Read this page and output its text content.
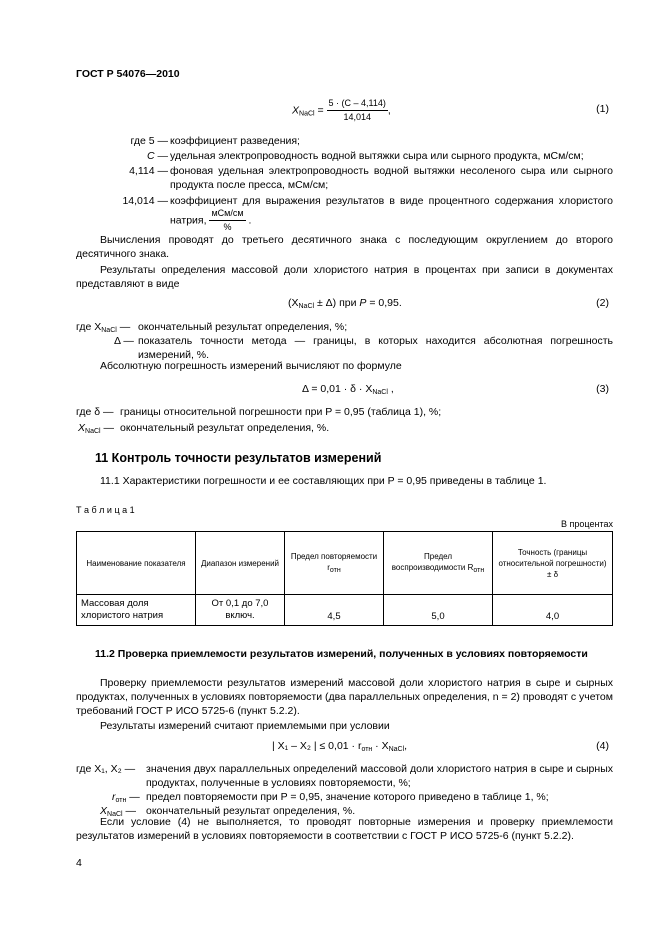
ГОСТ Р 54076—2010
$X_{NaCl} = \frac{5 \cdot (C - 4,114)}{14,014}$ ,	(1)
где 5 — коэффициент разведения;
C — удельная электропроводность водной вытяжки сыра или сырного продукта, мСм/см;
4,114 — фоновая удельная электропроводность водной вытяжки несоленого сыра или сырного продукта после пресса, мСм/см;
14,014 — коэффициент для выражения результатов в виде процентного содержания хлористого натрия, $\frac{\text{мСм/см}}{\%}$ .
Вычисления проводят до третьего десятичного знака с последующим округлением до второго десятичного знака.
Результаты определения массовой доли хлористого натрия в процентах при записи в документах представляют в виде
$(X_{NaCl} \pm \Delta)$ при P = 0,95.	(2)
где $X_{NaCl}$ — окончательный результат определения, %;
Δ — показатель точности метода — границы, в которых находится абсолютная погрешность измерений, %.
Абсолютную погрешность измерений вычисляют по формуле
$\Delta = 0,01 \cdot \delta \cdot X_{NaCl}$ ,	(3)
где δ — границы относительной погрешности при P = 0,95 (таблица 1), %;
$X_{NaCl}$ — окончательный результат определения, %.
11 Контроль точности результатов измерений
11.1 Характеристики погрешности и ее составляющих при P = 0,95 приведены в таблице 1.
Т а б л и ц а 1
В процентах
Наименование показателя	Диапазон измерений	Предел повторяемости $r_{отн}$	Предел воспроизводимости $R_{отн}$	Точность (границы относительной погрешности) ± δ
Массовая доля хлористого натрия	От 0,1 до 7,0 включ.	4,5	5,0	4,0
11.2 Проверка приемлемости результатов измерений, полученных в условиях повторяемости
Проверку приемлемости результатов измерений массовой доли хлористого натрия в сыре и сырных продуктах, полученных в условиях повторяемости (два параллельных определения, n = 2) проводят с учетом требований ГОСТ Р ИСО 5725-6 (пункт 5.2.2).
Результаты измерений считают приемлемыми при условии
| X₁ – X₂ | ≤ $0,01 \cdot r_{отн} \cdot X_{NaCl}$,	(4)
где X₁, X₂ — значения двух параллельных определений массовой доли хлористого натрия в сыре и сырных продуктах, полученные в условиях повторяемости, %;
$r_{отн}$ — предел повторяемости при P = 0,95, значение которого приведено в таблице 1, %;
$X_{NaCl}$ — окончательный результат определения, %.
Если условие (4) не выполняется, то проводят повторные измерения и проверку приемлемости результатов измерений в условиях повторяемости в соответствии с ГОСТ Р ИСО 5725-6 (пункт 5.2.2).
4
